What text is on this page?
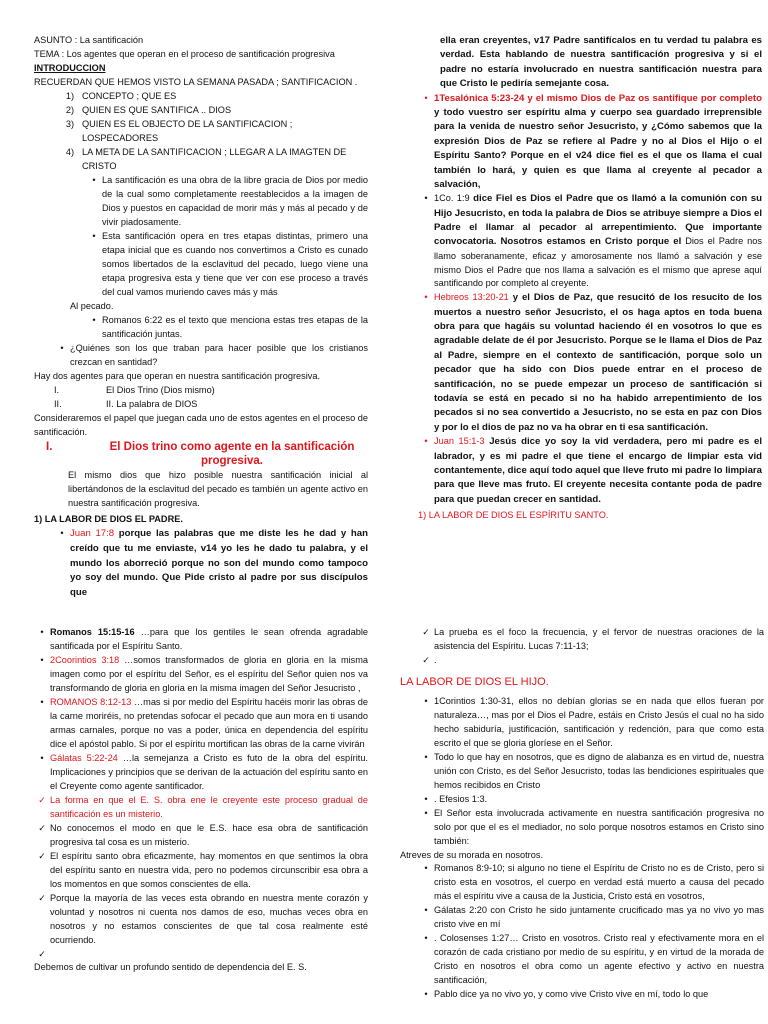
ASUNTO : La santificación

TEMA : Los agentes que operan en el proceso de santificación progresiva

INTRODUCCION

RECUERDAN QUE HEMOS VISTO LA SEMANA PASADA ; SANTIFICACION .

1) CONCEPTO ; QUE ES
2) QUIEN ES QUE SANTIFICA .. DIOS
3) QUIEN ES EL OBJECTO DE LA SANTIFICACION ; LOSPECADORES
4) LA META DE LA SANTIFICACION ; LLEGAR A LA IMAGTEN DE CRISTO
• La santificación es una obra de la libre gracia de Dios por medio de la cual somo completamente reestablecidos a la imagen de Dios y puestos en capacidad de morir más y más al pecado y de vivir piadosamente.
• Esta santificación opera en tres etapas distintas, primero una etapa inicial que es cuando nos convertimos a Cristo es cunado somos libertados de la esclavitud del pecado, luego viene una etapa progresiva esta y tiene que ver con ese proceso a través del cual vamos muriendo caves más y más

Al pecado.

• Romanos 6:22 es el texto que menciona estas tres etapas de la santificación juntas.
• ¿Quiénes son los que traban para hacer posible que los cristianos crezcan en santidad?

Hay dos agentes para que operan en nuestra santificación progresiva.

I.	El Dios Trino (Dios mismo)
II.	II. La palabra de DIOS

Consideraremos el papel que juegan cada uno de estos agentes en el proceso de santificación.

I.	El Dios trino como agente en la santificación progresiva.

El mismo dios que hizo posible nuestra santificación inicial al libertándonos de la esclavitud del pecado es también un agente activo en nuestra santificación progresiva.

1) LA LABOR DE DIOS EL PADRE.

• Juan 17:8 porque las palabras que me diste les he dad y han creído que tu me enviaste, v14 yo les he dado tu palabra, y el mundo los aborreció porque no son del mundo como tampoco yo soy del mundo. Que Pide cristo al padre por sus discípulos que

ella eran creyentes, v17 Padre santifícalos en tu verdad tu palabra es verdad. Esta hablando de nuestra santificación progresiva y si el padre no estaría involucrado en nuestra santificación nuestra para que Cristo le pediría semejante cosa.

• 1Tesalónica 5:23-24 y el mismo Dios de Paz os santifique por completo y todo vuestro ser espíritu alma y cuerpo sea guardado irreprensible para la venida de nuestro señor Jesucristo, y ¿Cómo sabemos que la expresión Dios de Paz se refiere al Padre y no al Dios el Hijo o el Espíritu Santo? Porque en el v24 dice fiel es el que os llama el cual también lo hará, y quien es que llama al creyente al pecador a salvación,
• 1Co. 1:9 dice Fiel es Dios el Padre que os llamó a la comunión con su Hijo Jesucristo, en toda la palabra de Dios se atribuye siempre a Dios el Padre el llamar al pecador al arrepentimiento. Que importante convocatoria. Nosotros estamos en Cristo porque el Dios el Padre nos llamo soberanamente, eficaz y amorosamente nos llamó a salvación y ese mismo Dios el Padre que nos llama a salvación es el mismo que aprese aquí santificando por completo al creyente.
• Hebreos 13:20-21 y el Dios de Paz, que resucitó de los resucito de los muertos a nuestro señor Jesucristo, el os haga aptos en toda buena obra para que hagáis su voluntad haciendo él en vosotros lo que es agradable delate de él por Jesucristo. Porque se le llama el Dios de Paz al Padre, siempre en el contexto de santificación, porque solo un pecador que ha sido con Dios puede entrar en el proceso de santificación, no se puede empezar un proceso de santificación si todavía se está en pecado si no ha habido arrepentimiento de los pecados si no sea convertido a Jesucristo, no se esta en paz con Dios y por lo el dios de paz no va ha obrar en ti esa santificación.
• Juan 15:1-3 Jesús dice yo soy la vid verdadera, pero mi padre es el labrador, y es mi padre el que tiene el encargo de limpiar esta vid contantemente, dice aquí todo aquel que lleve fruto mi padre lo limpiara para que lleve mas fruto. El creyente necesita contante poda de padre para que puedan crecer en santidad.

1) LA LABOR DE DIOS EL ESPÍRITU SANTO.

• Romanos 15:15-16 …para que los gentiles le sean ofrenda agradable santificada por el Espíritu Santo.
• 2Coorintios 3:18 …somos transformados de gloria en gloria en la misma imagen como por el espíritu del Señor, es el espíritu del Señor quien nos va transformando de gloria en gloria en la misma imagen del Señor Jesucristo ,
• ROMANOS 8:12-13 …mas si por medio del Espíritu hacéis morir las obras de la carne moriréis, no pretendas sofocar el pecado que aun mora en ti usando armas carnales, porque no vas a poder, única en dependencia del espíritu dice el apóstol pablo. Si por el espíritu mortifican las obras de la carne vivirán
• Gálatas 5:22-24 …la semejanza a Cristo es futo de la obra del espíritu. Implicaciones y principios que se derivan de la actuación del espíritu santo en el Creyente como agente santificador.
✓ La forma en que el E. S. obra ene le creyente este proceso gradual de santificación es un misterio.
✓ No conocemos el modo en que le E.S. hace esa obra de santificación progresiva tal cosa es un misterio.
✓ El espíritu santo obra eficazmente, hay momentos en que sentimos la obra del espíritu santo en nuestra vida, pero no podemos circunscribir esa obra a los momentos en que somos conscientes de ella.
✓ Porque la mayoría de las veces esta obrando en nuestra mente corazón y voluntad y nosotros ni cuenta nos damos de eso, muchas veces obra en nosotros y no estamos conscientes de que tal cosa realmente esté ocurriendo.
✓

Debemos de cultivar un profundo sentido de dependencia del E. S.

✓ La prueba es el foco la frecuencia, y el fervor de nuestras oraciones de la asistencia del Espíritu. Lucas 7:11-13;
✓ .

LA LABOR DE DIOS EL HIJO.

• 1Corintios 1:30-31, ellos no debían glorias se en nada que ellos fueran por naturaleza…, mas por el Dios el Padre, estáis en Cristo Jesús el cual no ha sido hecho sabiduría, justificación, santificación y redención, para que como esta escrito el que se gloria gloríese en el Señor.
• Todo lo que hay en nosotros, que es digno de alabanza es en virtud de, nuestra unión con Cristo, es del Señor Jesucristo, todas las bendiciones espirituales que hemos recibidos en Cristo
• . Efesios 1:3.
• El Señor esta involucrada activamente en nuestra santificación progresiva no solo por que el es el mediador, no solo porque nosotros estamos en Cristo sino también:

Atreves de su morada en nosotros.

• Romanos 8:9-10; si alguno no tiene el Espíritu de Cristo no es de Cristo, pero si cristo esta en vosotros, el cuerpo en verdad está muerto a causa del pecado más el espíritu vive a causa de la Justicia, Cristo está en vosotros,
• Gálatas 2:20 con Cristo he sido juntamente crucificado mas ya no vivo yo mas cristo vive en mí
• . Colosenses 1:27… Cristo en vosotros. Cristo real y efectivamente mora en el corazón de cada cristiano por medio de su espíritu, y en virtud de la morada de Cristo en nosotros el obra como un agente efectivo y activo en nuestra santificación,
• Pablo dice ya no vivo yo, y como vive Cristo vive en mí, todo lo que
